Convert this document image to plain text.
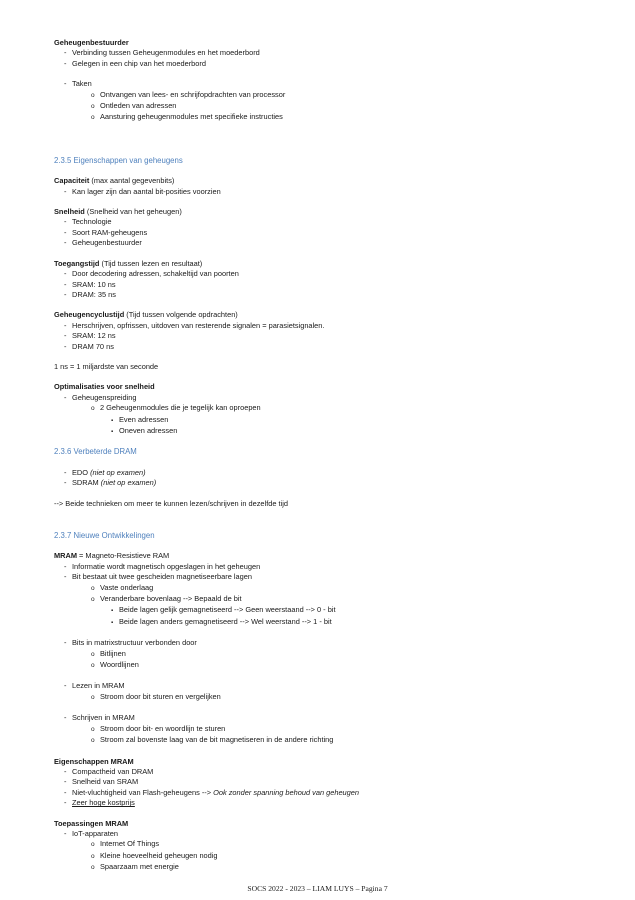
Geheugenbestuurder
- Verbinding tussen Geheugenmodules en het moederbord
- Gelegen in een chip van het moederbord
- Taken
o Ontvangen van lees- en schrijfopdrachten van processor
o Ontleden van adressen
o Aansturing geheugenmodules met specifieke instructies
2.3.5 Eigenschappen van geheugens
Capaciteit (max aantal gegevenbits)
- Kan lager zijn dan aantal bit-posities voorzien
Snelheid (Snelheid van het geheugen)
- Technologie
- Soort RAM-geheugens
- Geheugenbestuurder
Toegangstijd (Tijd tussen lezen en resultaat)
- Door decodering adressen, schakeltijd van poorten
- SRAM: 10 ns
- DRAM: 35 ns
Geheugencyclustijd (Tijd tussen volgende opdrachten)
- Herschrijven, opfrissen, uitdoven van resterende signalen = parasietsignalen.
- SRAM: 12 ns
- DRAM 70 ns
1 ns = 1 miljardste van seconde
Optimalisaties voor snelheid
- Geheugenspreiding
o 2 Geheugenmodules die je tegelijk kan oproepen
▪ Even adressen
▪ Oneven adressen
2.3.6 Verbeterde DRAM
- EDO (niet op examen)
- SDRAM (niet op examen)
--> Beide technieken om meer te kunnen lezen/schrijven in dezelfde tijd
2.3.7 Nieuwe Ontwikkelingen
MRAM = Magneto-Resistieve RAM
- Informatie wordt magnetisch opgeslagen in het geheugen
- Bit bestaat uit twee gescheiden magnetiseerbare lagen
o Vaste onderlaag
o Veranderbare bovenlaag --> Bepaald de bit
▪ Beide lagen gelijk gemagnetiseerd --> Geen weerstaand --> 0 - bit
▪ Beide lagen anders gemagnetiseerd --> Wel weerstand --> 1 - bit
- Bits in matrixstructuur verbonden door
o Bitlijnen
o Woordlijnen
- Lezen in MRAM
o Stroom door bit sturen en vergelijken
- Schrijven in MRAM
o Stroom door bit- en woordlijn te sturen
o Stroom zal bovenste laag van de bit magnetiseren in de andere richting
Eigenschappen MRAM
- Compactheid van DRAM
- Snelheid van SRAM
- Niet-vluchtigheid van Flash-geheugens --> Ook zonder spanning behoud van geheugen
- Zeer hoge kostprijs
Toepassingen MRAM
- IoT-apparaten
o Internet Of Things
o Kleine hoeveelheid geheugen nodig
o Spaarzaam met energie
SOCS 2022 - 2023 – LIAM LUYS – Pagina 7
